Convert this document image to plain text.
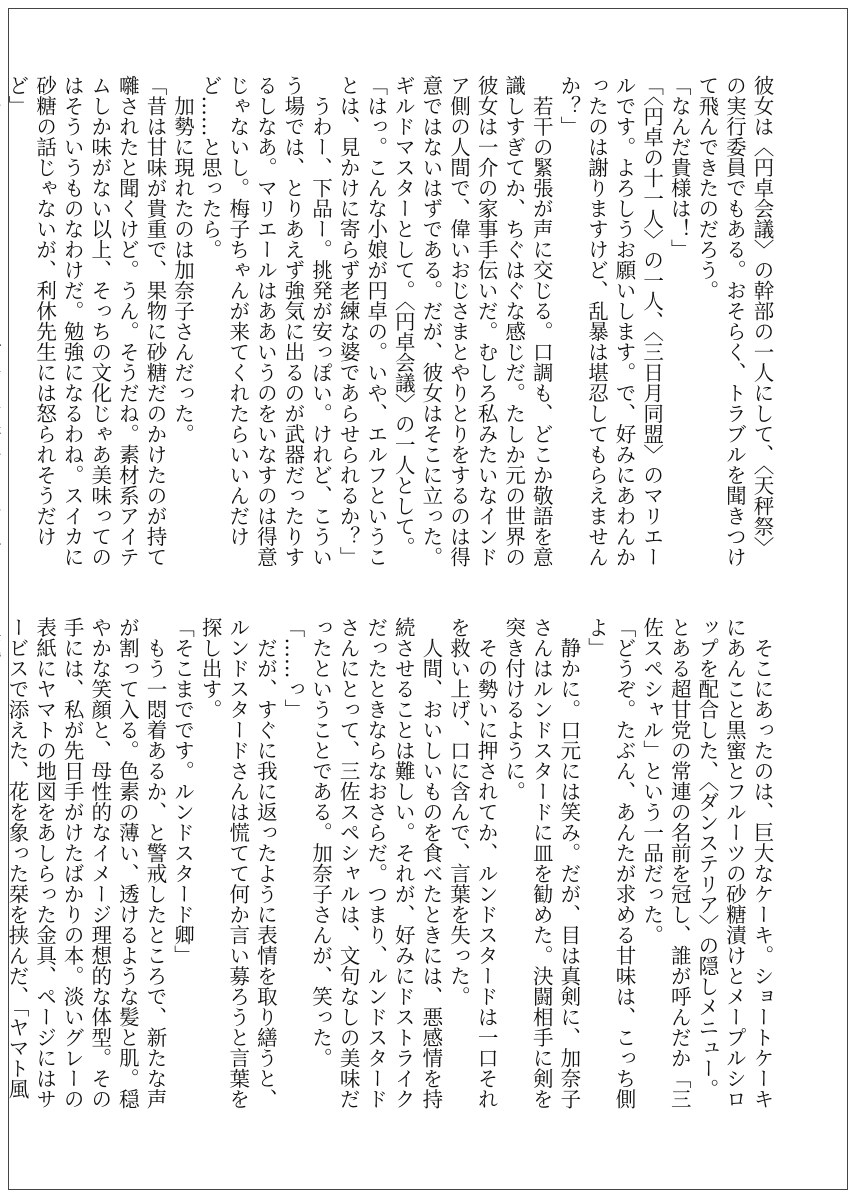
彼女は〈円卓会議〉の幹部の一人にして、〈天秤祭〉の実行委員でもある。おそらく、トラブルを聞きつけて飛んできたのだろう。

「なんだ貴様は！」

「〈円卓の十一人〉の一人、〈三日月同盟〉のマリエールです。よろしうお願いします。で、好みにあわんかったのは謝りますけど、乱暴は堪忍してもらえませんか？」

　若干の緊張が声に交じる。口調も、どこか敬語を意識しすぎてか、ちぐはぐな感じだ。たしか元の世界の彼女は一介の家事手伝いだ。むしろ私みたいなインドア側の人間で、偉いおじさまとやりとりをするのは得意ではないはずである。だが、彼女はそこに立った。ギルドマスターとして。〈円卓会議〉の一人として。

「はっ。こんな小娘が円卓の。いや、エルフということは、見かけに寄らず老練な婆であらせられるか？」

　うわー、下品ー。挑発が安っぽい。けれど、こういう場では、とりあえず強気に出るのが武器だったりするしなあ。マリエールはああいうのをいなすのは得意じゃないし。梅子ちゃんが来てくれたらいいんだけど……と思ったら。

　加勢に現れたのは加奈子さんだった。

「昔は甘味が貴重で、果物に砂糖だのかけたのが持て囃されたと聞くけど。うん。そうだね。素材系アイテムしか味がない以上、そっちの文化じゃあ美味ってのはそういうものなわけだ。勉強になるわね。スイカに砂糖の話じゃないが、利休先生には怒られそうだけど」

　そこにあったのは、巨大なケーキ。ショートケーキにあんこと黒蜜とフルーツの砂糖漬けとメープルシロップを配合した、〈ダンステリア〉の隠しメニュー。とある超甘党の常連の名前を冠し、誰が呼んだか「三佐スペシャル」という一品だった。

「どうぞ。たぶん、あんたが求める甘味は、こっち側よ」

　静かに。口元には笑み。だが、目は真剣に、加奈子さんはルンドスタードに皿を勧めた。決闘相手に剣を突き付けるように。

　その勢いに押されてか、ルンドスタードは一口それを救い上げ、口に含んで、言葉を失った。

　人間、おいしいものを食べたときには、悪感情を持続させることは難しい。それが、好みにドストライクだったときならなおさらだ。つまり、ルンドスタードさんにとって、三佐スペシャルは、文句なしの美味だったということである。加奈子さんが、笑った。

「……っ」

　だが、すぐに我に返ったように表情を取り繕うと、ルンドスタードさんは慌てて何か言い募ろうと言葉を探し出す。

「そこまでです。ルンドスタード卿」

　もう一悶着あるか、と警戒したところで、新たな声が割って入る。色素の薄い、透けるような髪と肌。穏やかな笑顔と、母性的なイメージ理想的な体型。その手には、私が先日手がけたばかりの本。淡いグレーの表紙にヤマトの地図をあしらった金具、ページにはサービスで添えた、花を象った栞を挟んだ、「ヤマト風
